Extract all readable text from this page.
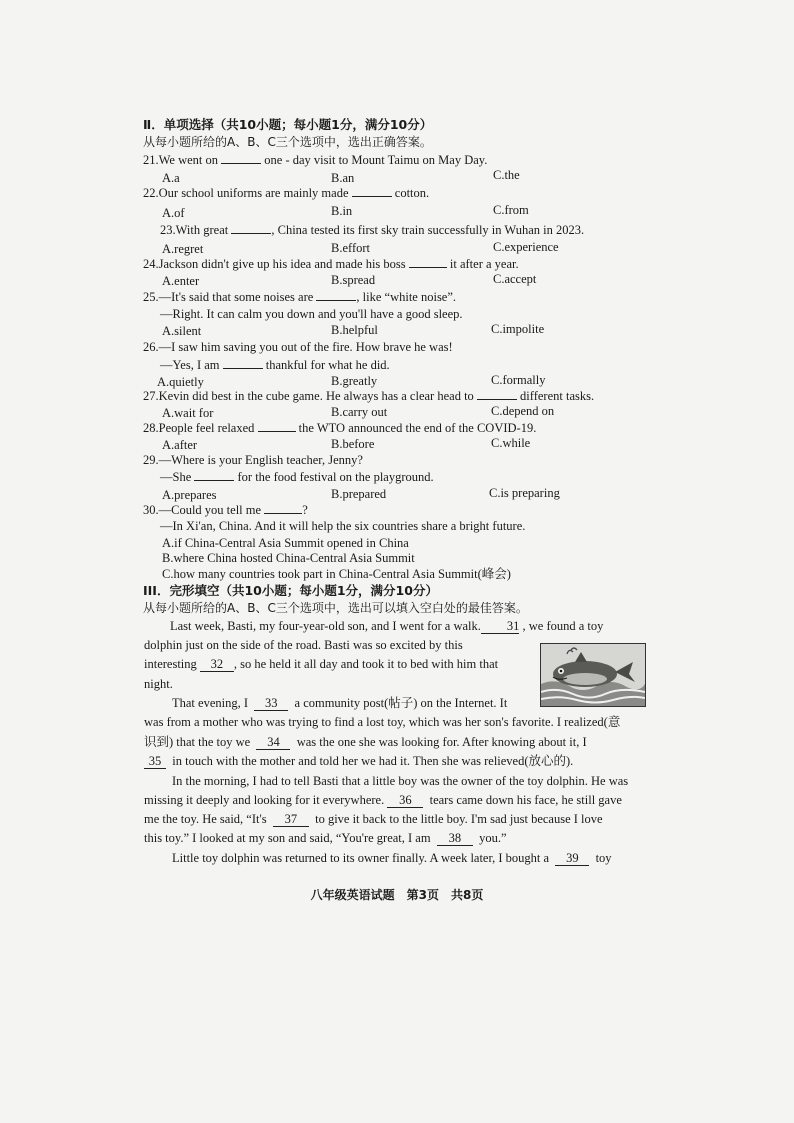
Ⅱ．单项选择（共10小题；每小题1分，满分10分）
从每小题所给的A、B、C三个选项中，选出正确答案。
21.We went on	one - day visit to Mount Taimu on May Day.
A.a	B.an	C.the
22.Our school uniforms are mainly made	cotton.
A.of	B.in	C.from
23.With great	, China tested its first sky train successfully in Wuhan in 2023.
A.regret	B.effort	C.experience
24.Jackson didn't give up his idea and made his boss	it after a year.
A.enter	B.spread	C.accept
25.—It's said that some noises are	, like “white noise”.
—Right. It can calm you down and you'll have a good sleep.
A.silent	B.helpful	C.impolite
26.—I saw him saving you out of the fire. How brave he was!
—Yes, I am	thankful for what he did.
A.quietly	B.greatly	C.formally
27.Kevin did best in the cube game. He always has a clear head to	different tasks.
A.wait for	B.carry out	C.depend on
28.People feel relaxed	the WTO announced the end of the COVID-19.
A.after	B.before	C.while
29.—Where is your English teacher, Jenny?
—She	for the food festival on the playground.
A.prepares	B.prepared	C.is preparing
30.—Could you tell me	?
—In Xi'an, China. And it will help the six countries share a bright future.
A.if China-Central Asia Summit opened in China
B.where China hosted China-Central Asia Summit
C.how many countries took part in China-Central Asia Summit(峰会)
III．完形填空（共10小题；每小题1分，满分10分）
从每小题所给的A、B、C三个选项中，选出可以填入空白处的最佳答案。
Last week, Basti, my four-year-old son, and I went for a walk. 31 , we found a toy
dolphin just on the side of the road. Basti was so excited by this
interesting 32 , so he held it all day and took it to bed with him that
night.
That evening, I 33  a community post(帖子) on the Internet. It
was from a mother who was trying to find a lost toy, which was her son's favorite. I realized(意
识到) that the toy we  34  was the one she was looking for. After knowing about it, I
35  in touch with the mother and told her we had it. Then she was relieved(放心的).
In the morning, I had to tell Basti that a little boy was the owner of the toy dolphin. He was
missing it deeply and looking for it everywhere. 36  tears came down his face, he still gave
me the toy. He said, “It's  37  to give it back to the little boy. I'm sad just because I love
this toy.” I looked at my son and said, “You're great, I am  38  you.”
Little toy dolphin was returned to its owner finally. A week later, I bought a 39 toy
八年级英语试题　第3页　共8页
